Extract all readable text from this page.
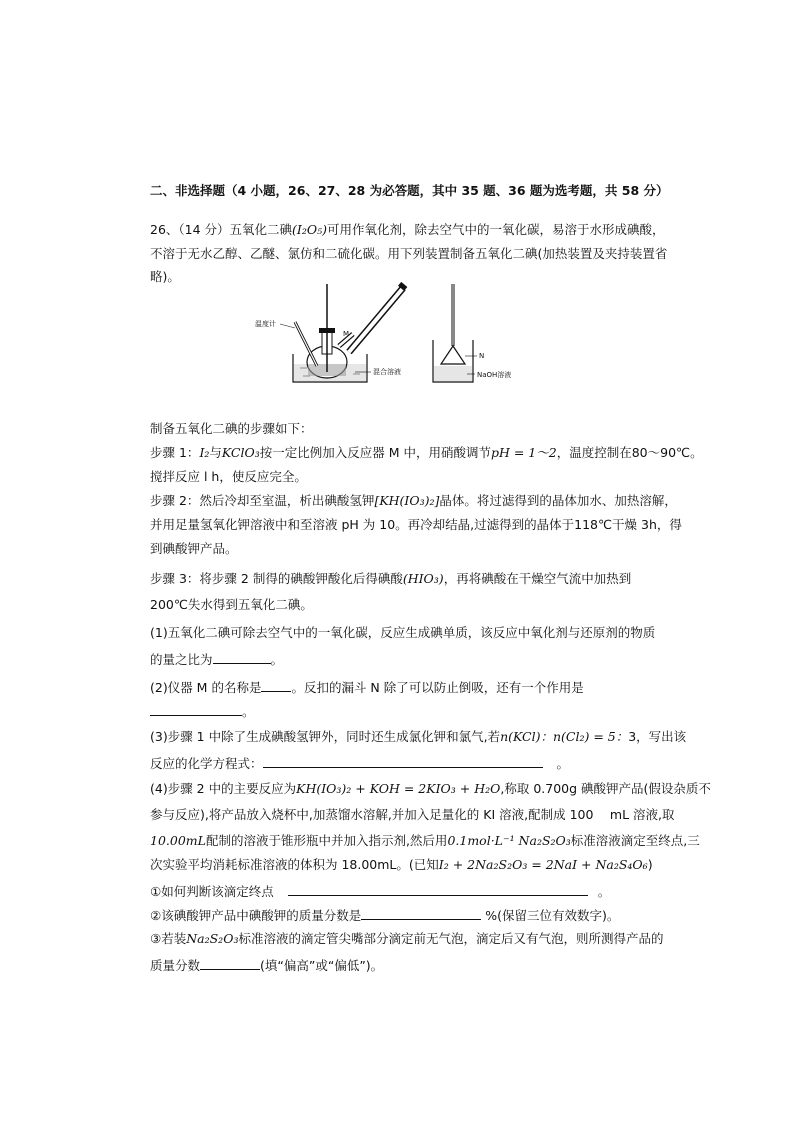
二、非选择题（4 小题，26、27、28 为必答题，其中 35 题、36 题为选考题，共 58 分）
26、（14 分）五氧化二碘(I₂O₅)可用作氧化剂，除去空气中的一氧化碳，易溶于水形成碘酸，
不溶于无水乙醇、乙醚、氯仿和二硫化碳。用下列装置制备五氧化二碘(加热装置及夹持装置省
略)。
温度计
M
混合溶液
N
NaOH溶液
制备五氧化二碘的步骤如下：
步骤 1：I₂与KClO₃按一定比例加入反应器 M 中，用硝酸调节pH = 1～2，温度控制在80～90℃。
搅拌反应 l h，使反应完全。
步骤 2：然后冷却至室温，析出碘酸氢钾[KH(IO₃)₂]晶体。将过滤得到的晶体加水、加热溶解，
并用足量氢氧化钾溶液中和至溶液 pH 为 10。再冷却结晶,过滤得到的晶体于118℃干燥 3h，得
到碘酸钾产品。
步骤 3：将步骤 2 制得的碘酸钾酸化后得碘酸(HIO₃)，再将碘酸在干燥空气流中加热到
200℃失水得到五氧化二碘。
(1)五氧化二碘可除去空气中的一氧化碳，反应生成碘单质，该反应中氧化剂与还原剂的物质
的量之比为	。
(2)仪器 M 的名称是 。反扣的漏斗 N 除了可以防止倒吸，还有一个作用是
。
(3)步骤 1 中除了生成碘酸氢钾外，同时还生成氯化钾和氯气,若n(KCl)：n(Cl₂) = 5：3，写出该
反应的化学方程式：	。
(4)步骤 2 中的主要反应为KH(IO₃)₂ + KOH = 2KIO₃ + H₂O,称取 0.700g 碘酸钾产品(假设杂质不
参与反应),将产品放入烧杯中,加蒸馏水溶解,并加入足量化的 KI 溶液,配制成 100　 mL 溶液,取
10.00mL配制的溶液于锥形瓶中并加入指示剂,然后用0.1mol·L⁻¹ Na₂S₂O₃标准溶液滴定至终点,三
次实验平均消耗标准溶液的体积为 18.00mL。(已知I₂ + 2Na₂S₂O₃ = 2NaI + Na₂S₄O₆)
①如何判断该滴定终点	。
②该碘酸钾产品中碘酸钾的质量分数是	%(保留三位有效数字)。
③若装Na₂S₂O₃标准溶液的滴定管尖嘴部分滴定前无气泡，滴定后又有气泡，则所测得产品的
质量分数	(填“偏高”或“偏低”)。
